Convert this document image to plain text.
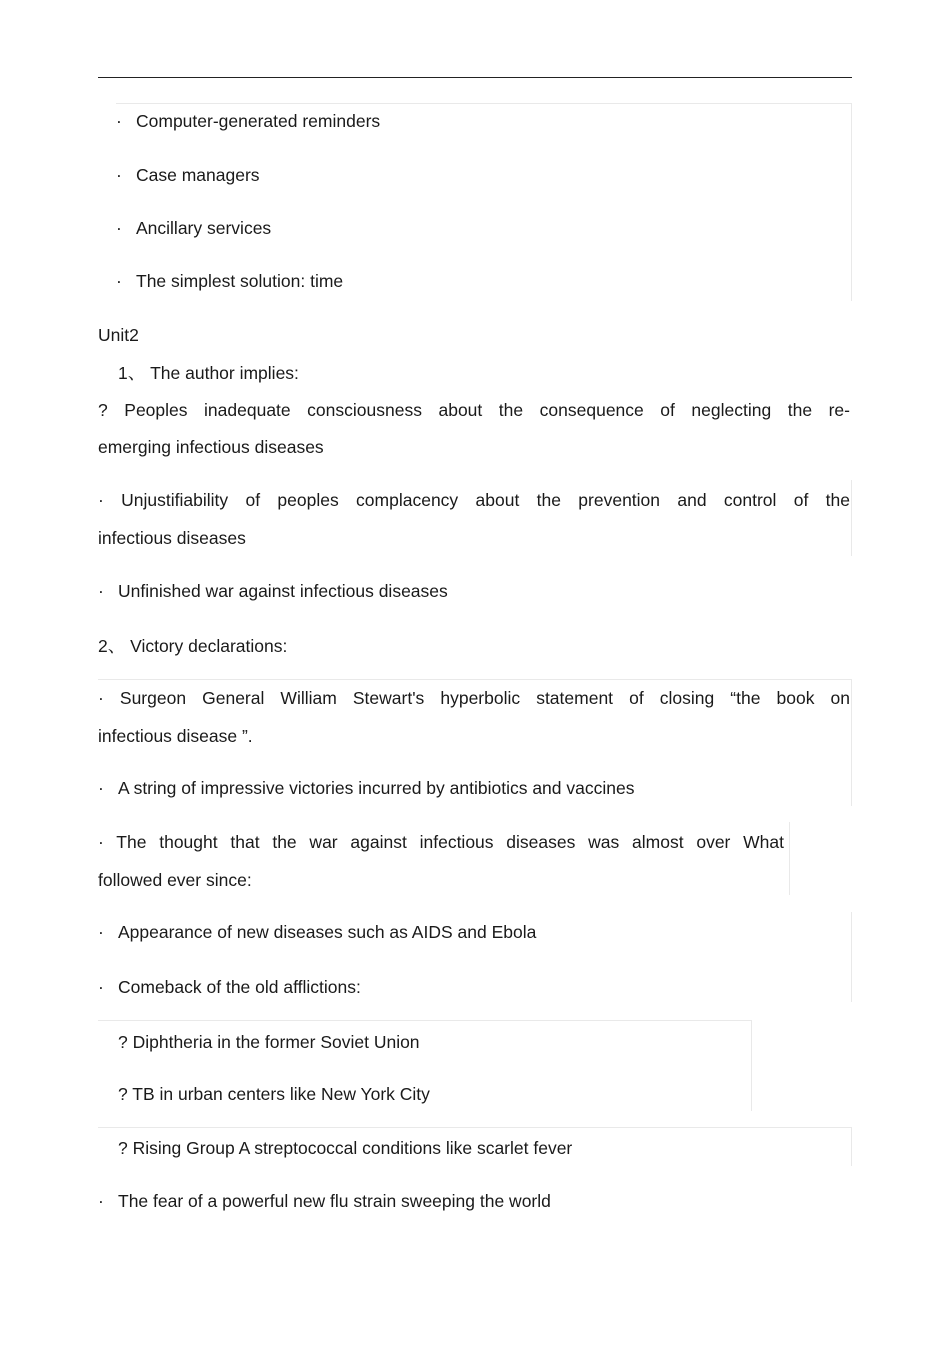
· Computer-generated reminders
· Case managers
· Ancillary services
· The simplest solution: time
Unit2
1、 The author implies:
? Peoples inadequate consciousness about the consequence of neglecting the re-
emerging infectious diseases
· Unjustifiability of peoples complacency about the prevention and control of the
infectious diseases
· Unfinished war against infectious diseases
2、 Victory declarations:
· Surgeon General William Stewart's hyperbolic statement of closing “the book on
infectious disease ”.
· A string of impressive victories incurred by antibiotics and vaccines
· The thought that the war against infectious diseases was almost over What
followed ever since:
· Appearance of new diseases such as AIDS and Ebola
· Comeback of the old afflictions:
? Diphtheria in the former Soviet Union
? TB in urban centers like New York City
? Rising Group A streptococcal conditions like scarlet fever
· The fear of a powerful new flu strain sweeping the world
